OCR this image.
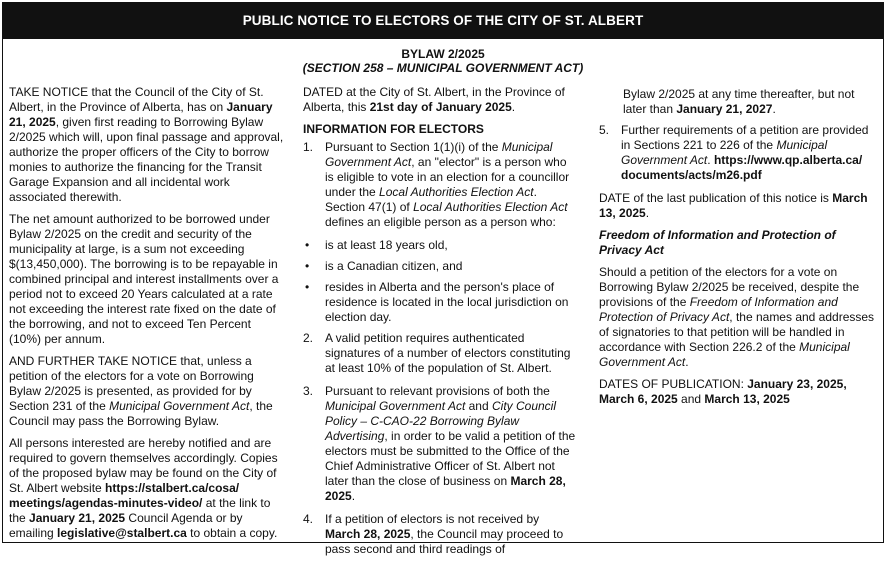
PUBLIC NOTICE TO ELECTORS OF THE CITY OF ST. ALBERT
BYLAW 2/2025
(SECTION 258 – MUNICIPAL GOVERNMENT ACT)

TAKE NOTICE that the Council of the City of St. Albert, in the Province of Alberta, has on January 21, 2025, given first reading to Borrowing Bylaw 2/2025 which will, upon final passage and approval, authorize the proper officers of the City to borrow monies to authorize the financing for the Transit Garage Expansion and all incidental work associated therewith.

The net amount authorized to be borrowed under Bylaw 2/2025 on the credit and security of the municipality at large, is a sum not exceeding $(13,450,000). The borrowing is to be repayable in combined principal and interest installments over a period not to exceed 20 Years calculated at a rate not exceeding the interest rate fixed on the date of the borrowing, and not to exceed Ten Percent (10%) per annum.

AND FURTHER TAKE NOTICE that, unless a petition of the electors for a vote on Borrowing Bylaw 2/2025 is presented, as provided for by Section 231 of the Municipal Government Act, the Council may pass the Borrowing Bylaw.

All persons interested are hereby notified and are required to govern themselves accordingly. Copies of the proposed bylaw may be found on the City of St. Albert website https://stalbert.ca/cosa/ meetings/agendas-minutes-video/ at the link to the January 21, 2025 Council Agenda or by emailing legislative@stalbert.ca to obtain a copy.

DATED at the City of St. Albert, in the Province of Alberta, this 21st day of January 2025.

INFORMATION FOR ELECTORS
1. Pursuant to Section 1(1)(i) of the Municipal Government Act, an "elector" is a person who is eligible to vote in an election for a councillor under the Local Authorities Election Act. Section 47(1) of Local Authorities Election Act defines an eligible person as a person who:
• is at least 18 years old,
• is a Canadian citizen, and
• resides in Alberta and the person's place of residence is located in the local jurisdiction on election day.
2. A valid petition requires authenticated signatures of a number of electors constituting at least 10% of the population of St. Albert.
3. Pursuant to relevant provisions of both the Municipal Government Act and City Council Policy – C-CAO-22 Borrowing Bylaw Advertising, in order to be valid a petition of the electors must be submitted to the Office of the Chief Administrative Officer of St. Albert not later than the close of business on March 28, 2025.
4. If a petition of electors is not received by March 28, 2025, the Council may proceed to pass second and third readings of
Bylaw 2/2025 at any time thereafter, but not later than January 21, 2027.
5. Further requirements of a petition are provided in Sections 221 to 226 of the Municipal Government Act. https://www.qp.alberta.ca/ documents/acts/m26.pdf

DATE of the last publication of this notice is March 13, 2025.

Freedom of Information and Protection of Privacy Act

Should a petition of the electors for a vote on Borrowing Bylaw 2/2025 be received, despite the provisions of the Freedom of Information and Protection of Privacy Act, the names and addresses of signatories to that petition will be handled in accordance with Section 226.2 of the Municipal Government Act.

DATES OF PUBLICATION: January 23, 2025, March 6, 2025 and March 13, 2025
